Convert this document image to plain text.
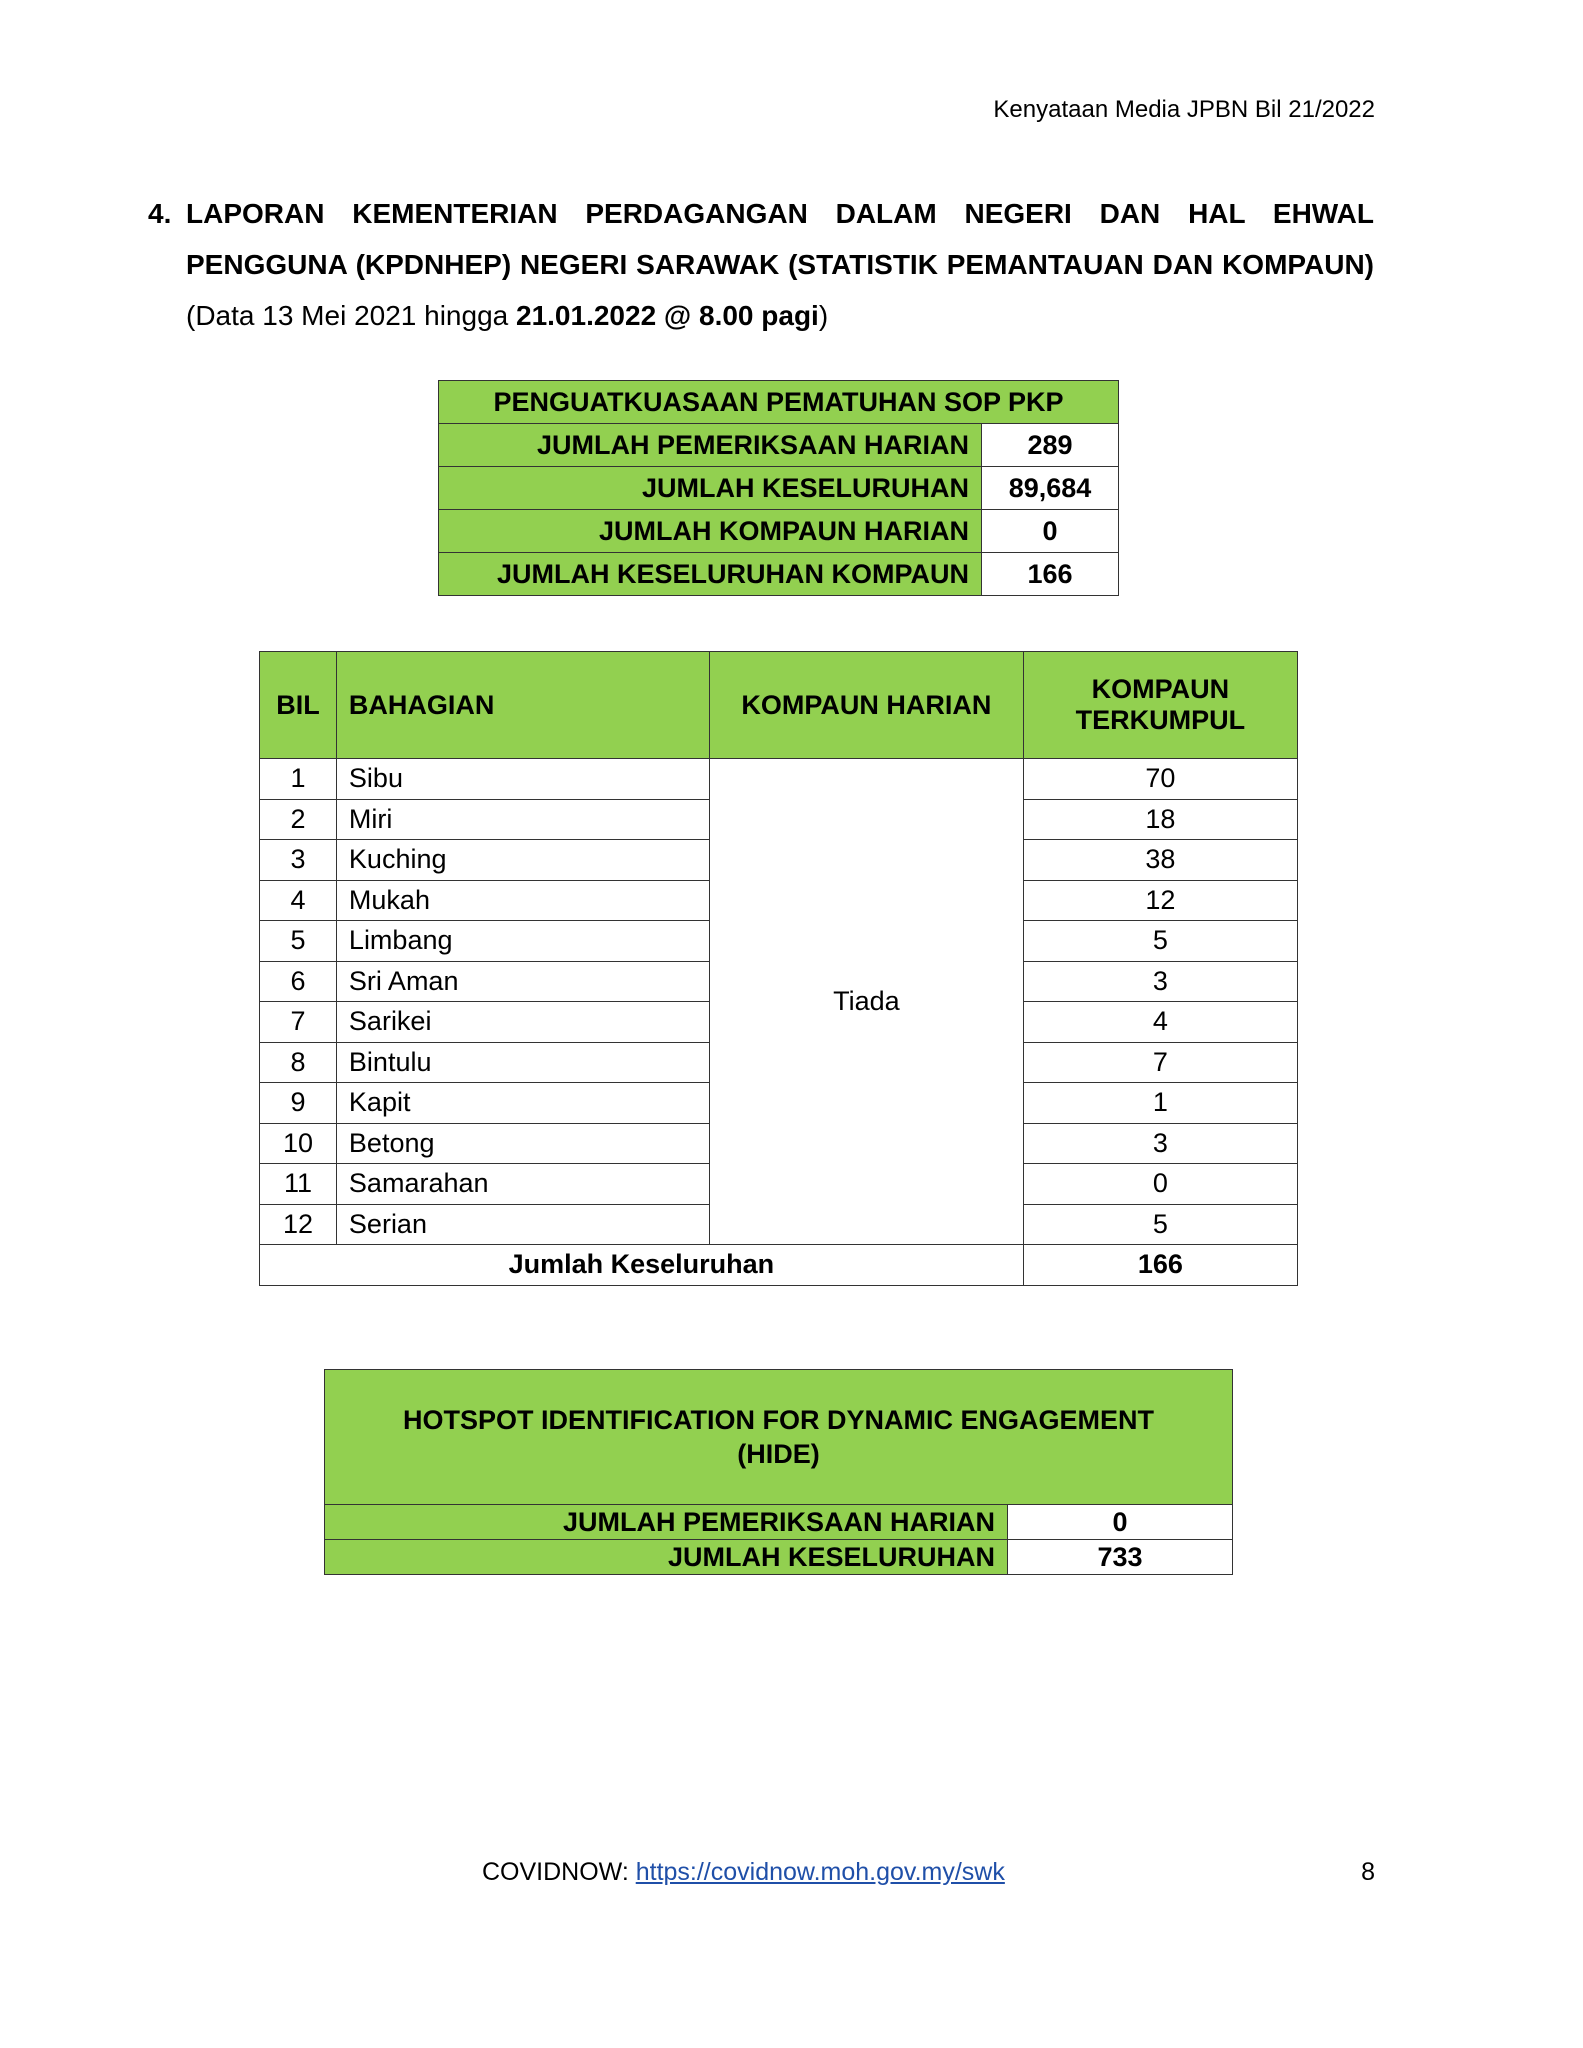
Kenyataan Media JPBN Bil 21/2022
4. LAPORAN KEMENTERIAN PERDAGANGAN DALAM NEGERI DAN HAL EHWAL PENGGUNA (KPDNHEP) NEGERI SARAWAK (STATISTIK PEMANTAUAN DAN KOMPAUN) (Data 13 Mei 2021 hingga 21.01.2022 @ 8.00 pagi)
PENGUATKUASAAN PEMATUHAN SOP PKP	
JUMLAH PEMERIKSAAN HARIAN	289
JUMLAH KESELURUHAN	89,684
JUMLAH KOMPAUN HARIAN	0
JUMLAH KESELURUHAN KOMPAUN	166
BIL	BAHAGIAN	KOMPAUN HARIAN	KOMPAUN TERKUMPUL
1	Sibu	Tiada	70
2	Miri		18
3	Kuching		38
4	Mukah		12
5	Limbang		5
6	Sri Aman		3
7	Sarikei		4
8	Bintulu		7
9	Kapit		1
10	Betong		3
11	Samarahan		0
12	Serian		5
Jumlah Keseluruhan			166
HOTSPOT IDENTIFICATION FOR DYNAMIC ENGAGEMENT
(HIDE)	
JUMLAH PEMERIKSAAN HARIAN	0
JUMLAH KESELURUHAN	733
COVIDNOW: https://covidnow.moh.gov.my/swk	8
